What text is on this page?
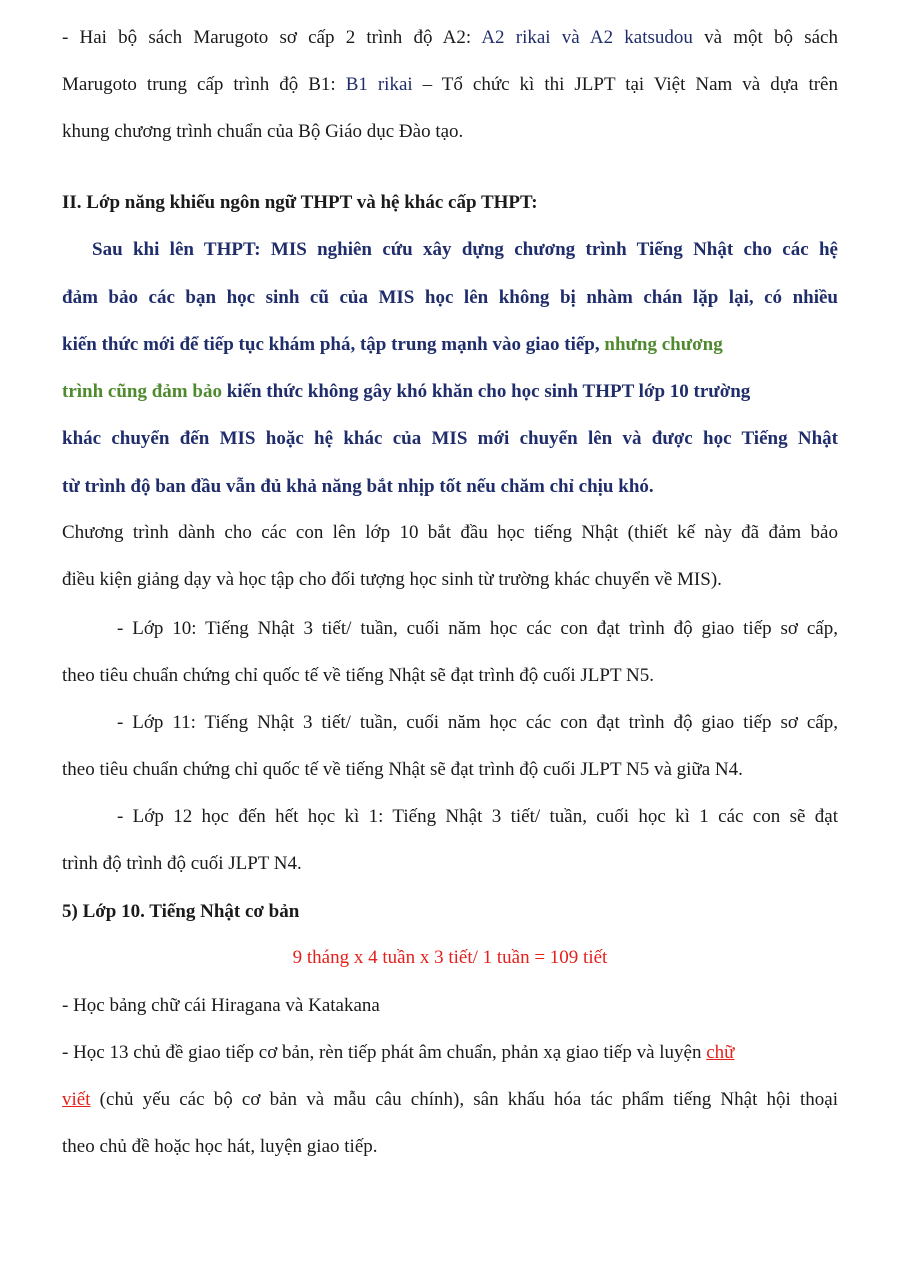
- Hai bộ sách Marugoto sơ cấp 2 trình độ A2: A2 rikai và A2 katsudou và một bộ sách
Marugoto trung cấp trình độ B1: B1 rikai – Tổ chức kì thi JLPT tại Việt Nam và dựa trên
khung chương trình chuẩn của Bộ Giáo dục Đào tạo.
II. Lớp năng khiếu ngôn ngữ THPT và hệ khác cấp THPT:
Sau khi lên THPT: MIS nghiên cứu xây dựng chương trình Tiếng Nhật cho các hệ
đảm bảo các bạn học sinh cũ của MIS học lên không bị nhàm chán lặp lại, có nhiều
kiến thức mới để tiếp tục khám phá, tập trung mạnh vào giao tiếp, nhưng chương
trình cũng đảm bảo kiến thức không gây khó khăn cho học sinh THPT lớp 10 trường
khác chuyển đến MIS hoặc hệ khác của MIS mới chuyển lên và được học Tiếng Nhật
từ trình độ ban đầu vẫn đủ khả năng bắt nhịp tốt nếu chăm chỉ chịu khó.
Chương trình dành cho các con lên lớp 10 bắt đầu học tiếng Nhật (thiết kế này đã đảm bảo
điều kiện giảng dạy và học tập cho đối tượng học sinh từ trường khác chuyển về MIS).
- Lớp 10: Tiếng Nhật 3 tiết/ tuần, cuối năm học các con đạt trình độ giao tiếp sơ cấp,
theo tiêu chuẩn chứng chỉ quốc tế về tiếng Nhật sẽ đạt trình độ cuối JLPT N5.
- Lớp 11: Tiếng Nhật 3 tiết/ tuần, cuối năm học các con đạt trình độ giao tiếp sơ cấp,
theo tiêu chuẩn chứng chỉ quốc tế về tiếng Nhật sẽ đạt trình độ cuối JLPT N5 và giữa N4.
- Lớp 12 học đến hết học kì 1: Tiếng Nhật 3 tiết/ tuần, cuối học kì 1 các con sẽ đạt
trình độ trình độ cuối JLPT N4.
5) Lớp 10. Tiếng Nhật cơ bản
9 tháng x 4 tuần x 3 tiết/ 1 tuần = 109 tiết
- Học bảng chữ cái Hiragana và Katakana
- Học 13 chủ đề giao tiếp cơ bản, rèn tiếp phát âm chuẩn, phản xạ giao tiếp và luyện chữ
viết (chủ yếu các bộ cơ bản và mẫu câu chính), sân khấu hóa tác phẩm tiếng Nhật hội thoại
theo chủ đề hoặc học hát, luyện giao tiếp.
